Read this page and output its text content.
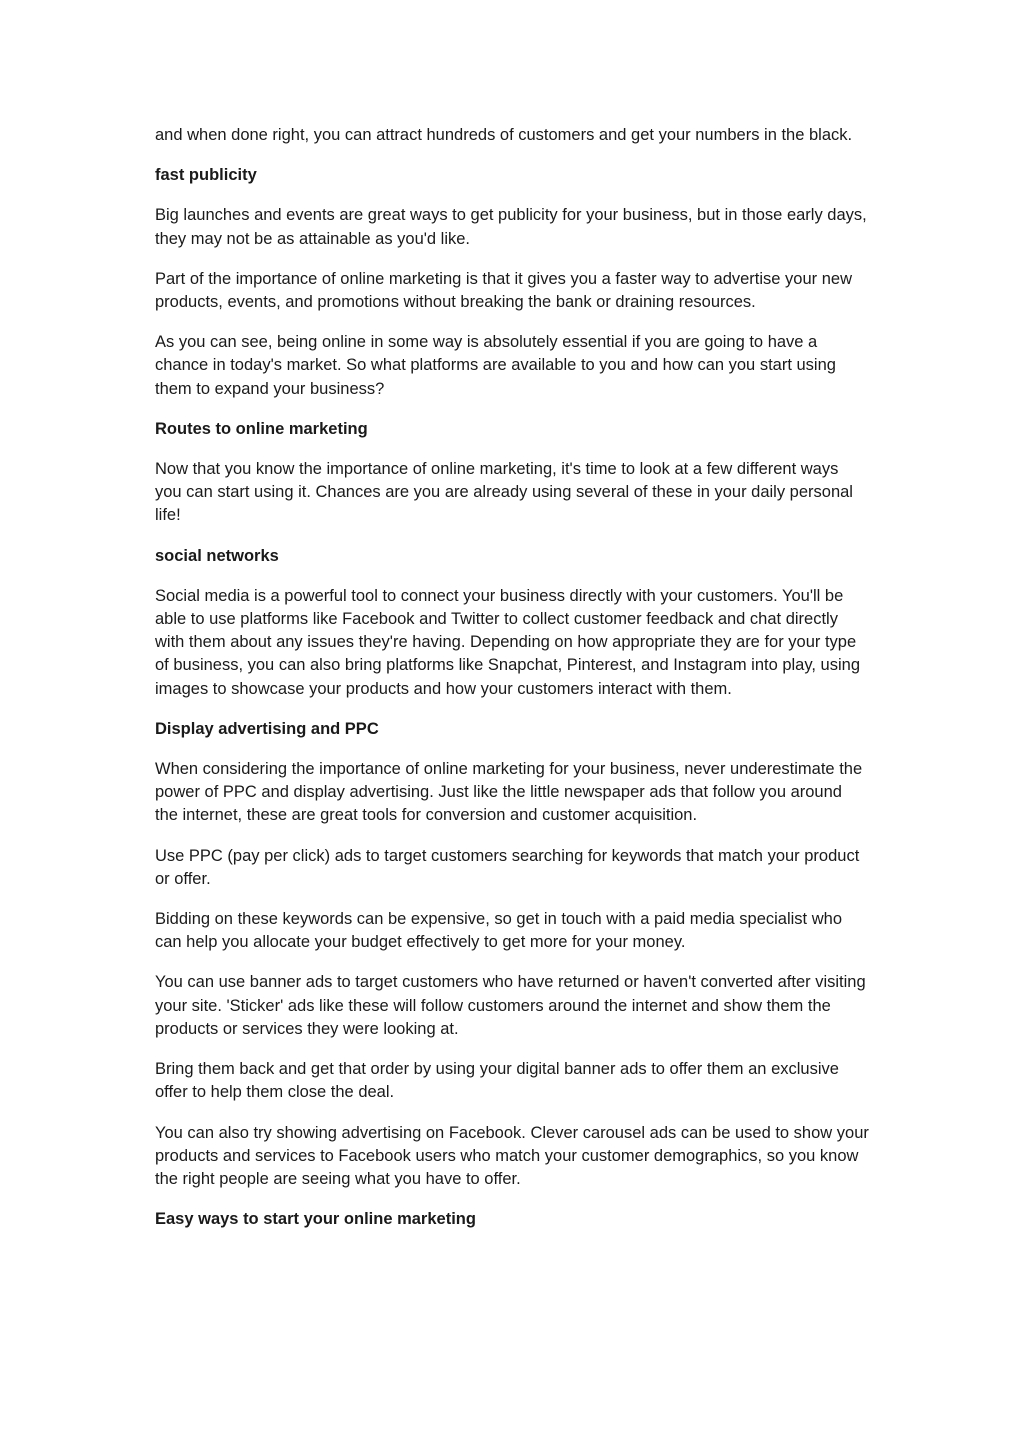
and when done right, you can attract hundreds of customers and get your numbers in the black.

fast publicity

Big launches and events are great ways to get publicity for your business, but in those early days, they may not be as attainable as you'd like.

Part of the importance of online marketing is that it gives you a faster way to advertise your new products, events, and promotions without breaking the bank or draining resources.

As you can see, being online in some way is absolutely essential if you are going to have a chance in today's market. So what platforms are available to you and how can you start using them to expand your business?

Routes to online marketing

Now that you know the importance of online marketing, it's time to look at a few different ways you can start using it. Chances are you are already using several of these in your daily personal life!

social networks

Social media is a powerful tool to connect your business directly with your customers. You'll be able to use platforms like Facebook and Twitter to collect customer feedback and chat directly with them about any issues they're having. Depending on how appropriate they are for your type of business, you can also bring platforms like Snapchat, Pinterest, and Instagram into play, using images to showcase your products and how your customers interact with them.

Display advertising and PPC

When considering the importance of online marketing for your business, never underestimate the power of PPC and display advertising. Just like the little newspaper ads that follow you around the internet, these are great tools for conversion and customer acquisition.

Use PPC (pay per click) ads to target customers searching for keywords that match your product or offer.

Bidding on these keywords can be expensive, so get in touch with a paid media specialist who can help you allocate your budget effectively to get more for your money.

You can use banner ads to target customers who have returned or haven't converted after visiting your site. 'Sticker' ads like these will follow customers around the internet and show them the products or services they were looking at.

Bring them back and get that order by using your digital banner ads to offer them an exclusive offer to help them close the deal.

You can also try showing advertising on Facebook. Clever carousel ads can be used to show your products and services to Facebook users who match your customer demographics, so you know the right people are seeing what you have to offer.

Easy ways to start your online marketing
